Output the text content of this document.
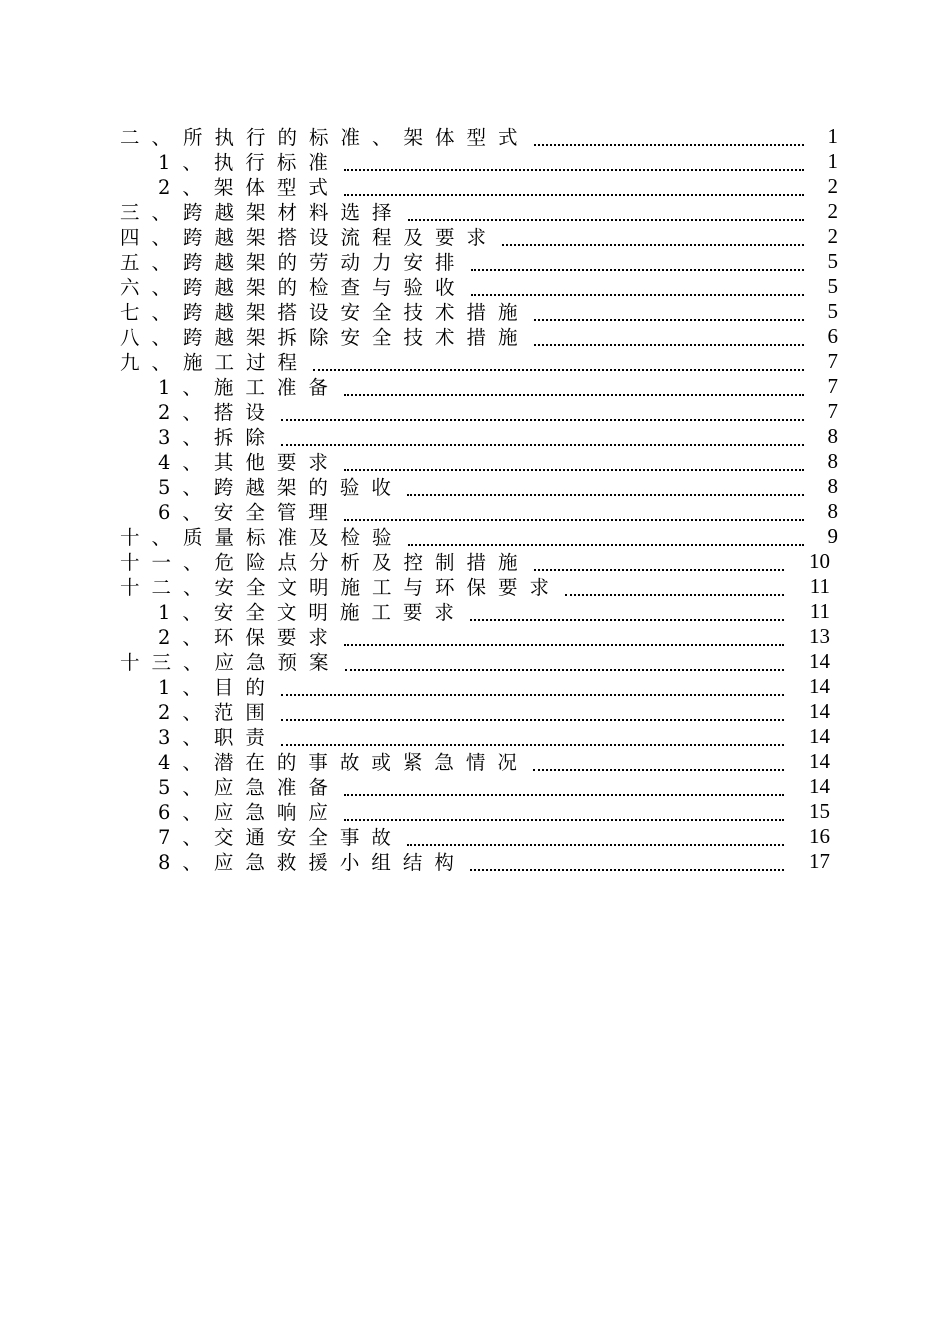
二、所执行的标准、架体型式	1
1、执行标准	1
2、架体型式	2
三、跨越架材料选择	2
四、跨越架搭设流程及要求	2
五、跨越架的劳动力安排	5
六、跨越架的检查与验收	5
七、跨越架搭设安全技术措施	5
八、跨越架拆除安全技术措施	6
九、施工过程	7
1、施工准备	7
2、搭设	7
3、拆除	8
4、其他要求	8
5、跨越架的验收	8
6、安全管理	8
十、质量标准及检验	9
十一、危险点分析及控制措施	10
十二、安全文明施工与环保要求	11
1、安全文明施工要求	11
2、环保要求	13
十三、应急预案	14
1、目的	14
2、范围	14
3、职责	14
4、潜在的事故或紧急情况	14
5、应急准备	14
6、应急响应	15
7、交通安全事故	16
8、应急救援小组结构	17
